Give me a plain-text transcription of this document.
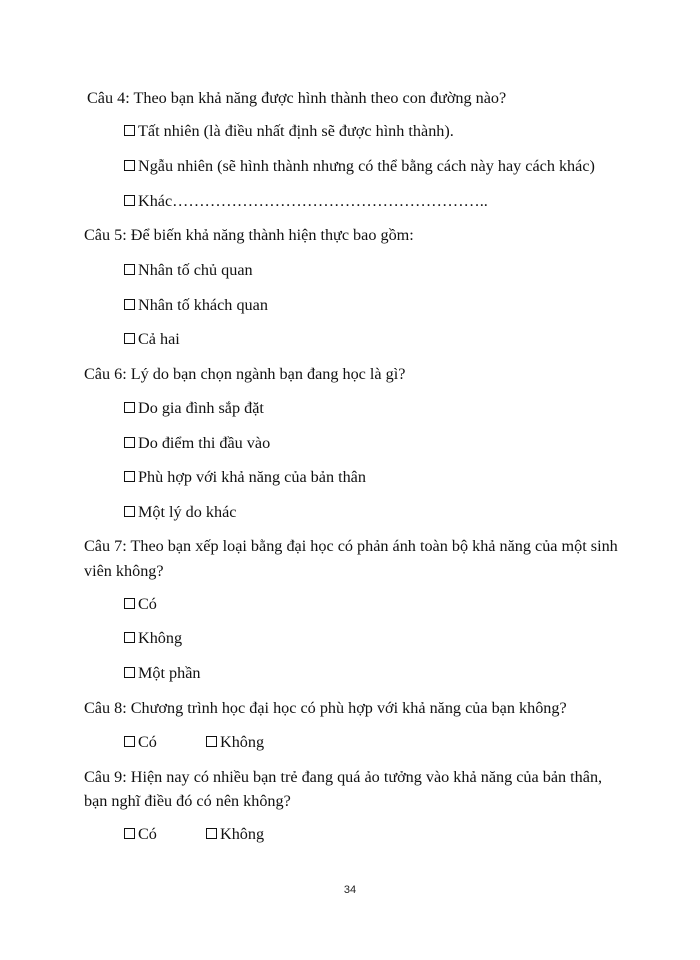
Câu 4: Theo bạn khả năng được hình thành theo con đường nào?
Tất nhiên (là điều nhất định sẽ được hình thành).
Ngẫu nhiên (sẽ hình thành nhưng có thể bằng cách này hay cách khác)
Khác…………………………………………………..
Câu 5: Để biến khả năng thành hiện thực bao gồm:
Nhân tố chủ quan
Nhân tố khách quan
Cả hai
Câu 6: Lý do bạn chọn ngành bạn đang học là gì?
Do gia đình sắp đặt
Do điểm thi đầu vào
Phù hợp với khả năng của bản thân
Một lý do khác
Câu 7: Theo bạn xếp loại bằng đại học có phản ánh toàn bộ khả năng của một sinh
viên không?
Có
Không
Một phần
Câu 8: Chương trình học đại học có phù hợp với khả năng của bạn không?
Có	Không
Câu 9: Hiện nay có nhiều bạn trẻ đang quá ảo tưởng vào khả năng của bản thân,
bạn nghĩ điều đó có nên không?
Có	Không
34
